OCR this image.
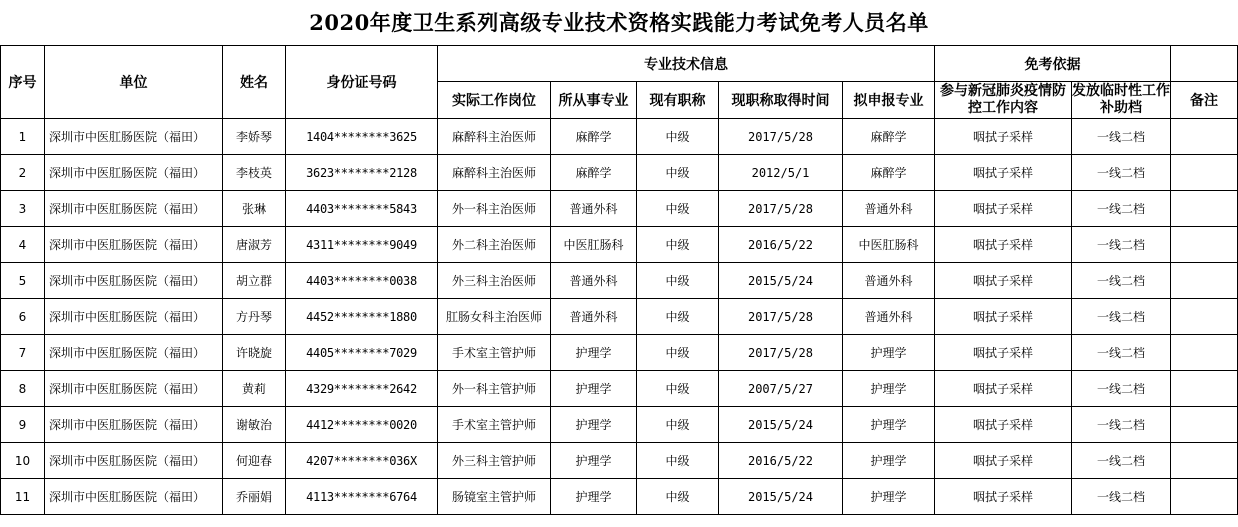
2020年度卫生系列高级专业技术资格实践能力考试免考人员名单
序号	单位	姓名	身份证号码	专业技术信息					免考依据		
				实际工作岗位	所从事专业	现有职称	现职称取得时间	拟申报专业	参与新冠肺炎疫情防控工作内容	发放临时性工作补助档	备注
1	深圳市中医肛肠医院（福田）	李娇琴	1404********3625	麻醉科主治医师	麻醉学	中级	2017/5/28	麻醉学	咽拭子采样	一线二档	
2	深圳市中医肛肠医院（福田）	李枝英	3623********2128	麻醉科主治医师	麻醉学	中级	2012/5/1	麻醉学	咽拭子采样	一线二档	
3	深圳市中医肛肠医院（福田）	张琳	4403********5843	外一科主治医师	普通外科	中级	2017/5/28	普通外科	咽拭子采样	一线二档	
4	深圳市中医肛肠医院（福田）	唐淑芳	4311********9049	外二科主治医师	中医肛肠科	中级	2016/5/22	中医肛肠科	咽拭子采样	一线二档	
5	深圳市中医肛肠医院（福田）	胡立群	4403********0038	外三科主治医师	普通外科	中级	2015/5/24	普通外科	咽拭子采样	一线二档	
6	深圳市中医肛肠医院（福田）	方丹琴	4452********1880	肛肠女科主治医师	普通外科	中级	2017/5/28	普通外科	咽拭子采样	一线二档	
7	深圳市中医肛肠医院（福田）	许晓旋	4405********7029	手术室主管护师	护理学	中级	2017/5/28	护理学	咽拭子采样	一线二档	
8	深圳市中医肛肠医院（福田）	黄莉	4329********2642	外一科主管护师	护理学	中级	2007/5/27	护理学	咽拭子采样	一线二档	
9	深圳市中医肛肠医院（福田）	谢敏治	4412********0020	手术室主管护师	护理学	中级	2015/5/24	护理学	咽拭子采样	一线二档	
10	深圳市中医肛肠医院（福田）	何迎春	4207********036X	外三科主管护师	护理学	中级	2016/5/22	护理学	咽拭子采样	一线二档	
11	深圳市中医肛肠医院（福田）	乔丽娟	4113********6764	肠镜室主管护师	护理学	中级	2015/5/24	护理学	咽拭子采样	一线二档	
